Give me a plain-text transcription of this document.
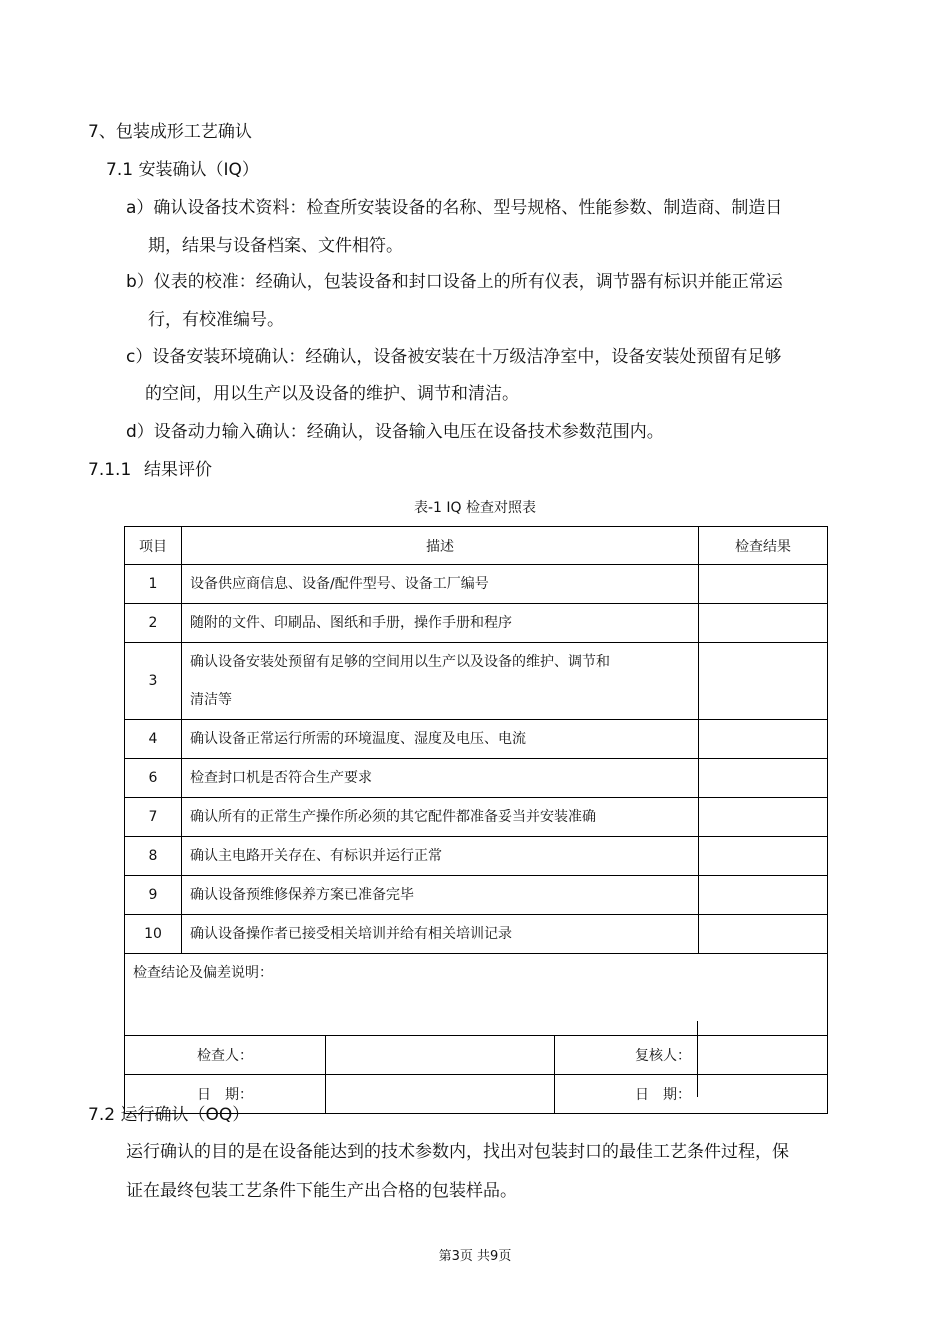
7、包装成形工艺确认
7.1 安装确认（IQ）
a）确认设备技术资料：检查所安装设备的名称、型号规格、性能参数、制造商、制造日
期，结果与设备档案、文件相符。
b）仪表的校准：经确认，包装设备和封口设备上的所有仪表，调节器有标识并能正常运
行，有校准编号。
c）设备安装环境确认：经确认，设备被安装在十万级洁净室中，设备安装处预留有足够
的空间，用以生产以及设备的维护、调节和清洁。
d）设备动力输入确认：经确认，设备输入电压在设备技术参数范围内。
7.1.1 结果评价
表-1 IQ 检查对照表
项目	描述			检查结果
1	设备供应商信息、设备/配件型号、设备工厂编号			
2	随附的文件、印刷品、图纸和手册，操作手册和程序			
3	确认设备安装处预留有足够的空间用以生产以及设备的维护、调节和
清洁等			

4	确认设备正常运行所需的环境温度、湿度及电压、电流			
6	检查封口机是否符合生产要求			
7	确认所有的正常生产操作所必须的其它配件都准备妥当并安装准确			
8	确认主电路开关存在、有标识并运行正常			
9	确认设备预维修保养方案已准备完毕			
10	确认设备操作者已接受相关培训并给有相关培训记录			
检查结论及偏差说明：				
检查人：			复核人：	
日　期：			日　期：	
7.2 运行确认（OQ）
运行确认的目的是在设备能达到的技术参数内，找出对包装封口的最佳工艺条件过程，保
证在最终包装工艺条件下能生产出合格的包装样品。
第3页 共9页
